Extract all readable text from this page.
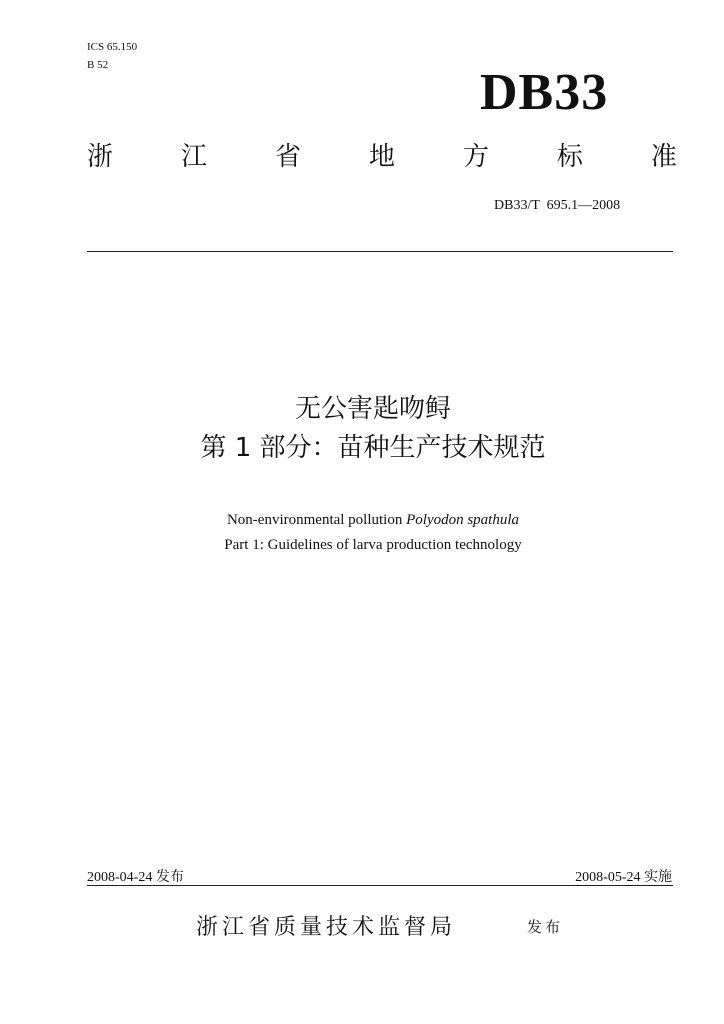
ICS 65.150
B 52	DB33
浙	江	省	地	方	标	准
DB33/T  695.1—2008
无公害匙吻鲟
第 1 部分：苗种生产技术规范
Non-environmental pollution Polyodon spathula
Part 1: Guidelines of larva production technology
2008-04-24 发布	2008-05-24 实施
浙江省质量技术监督局	发布
